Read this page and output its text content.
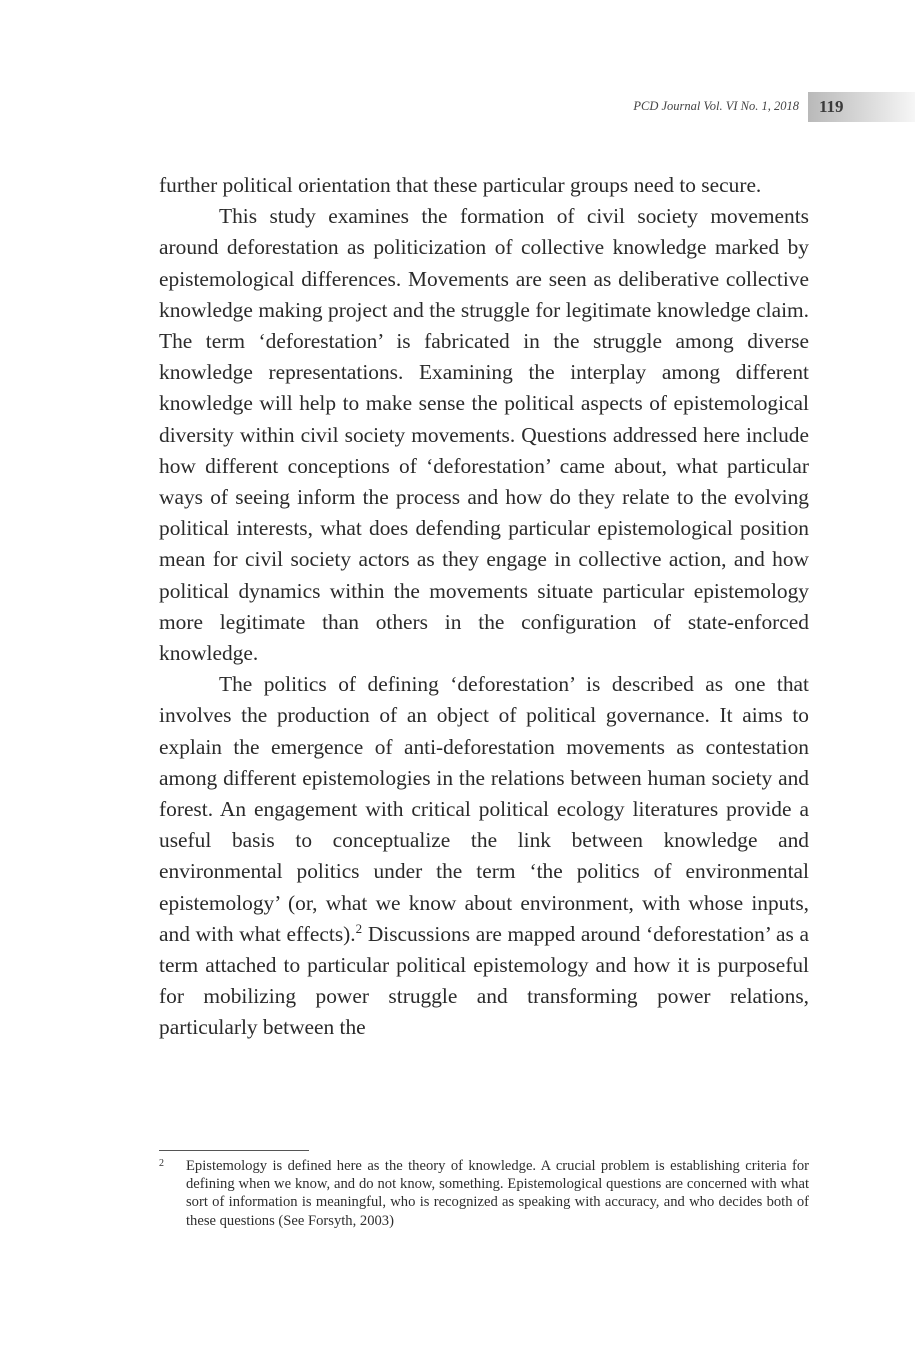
PCD Journal Vol. VI No. 1, 2018 119

further political orientation that these particular groups need to secure.

This study examines the formation of civil society movements around deforestation as politicization of collective knowledge marked by epistemological differences. Movements are seen as deliberative collective knowledge making project and the struggle for legitimate knowledge claim. The term ‘deforestation’ is fabricated in the struggle among diverse knowledge representations. Examining the interplay among different knowledge will help to make sense the political aspects of epistemological diversity within civil society movements. Questions addressed here include how different conceptions of ‘deforestation’ came about, what particular ways of seeing inform the process and how do they relate to the evolving political interests, what does defending particular epistemological position mean for civil society actors as they engage in collective action, and how political dynamics within the movements situate particular epistemology more legitimate than others in the configuration of state-enforced knowledge.

The politics of defining ‘deforestation’ is described as one that involves the production of an object of political governance. It aims to explain the emergence of anti-deforestation movements as contestation among different epistemologies in the relations between human society and forest. An engagement with critical political ecology literatures provide a useful basis to conceptualize the link between knowledge and environmental politics under the term ‘the politics of environmental epistemology’ (or, what we know about environment, with whose inputs, and with what effects).$^2$ Discussions are mapped around ‘deforestation’ as a term attached to particular political epistemology and how it is purposeful for mobilizing power struggle and transforming power relations, particularly between the

2 Epistemology is defined here as the theory of knowledge. A crucial problem is establishing criteria for defining when we know, and do not know, something. Epistemological questions are concerned with what sort of information is meaningful, who is recognized as speaking with accuracy, and who decides both of these questions (See Forsyth, 2003)
